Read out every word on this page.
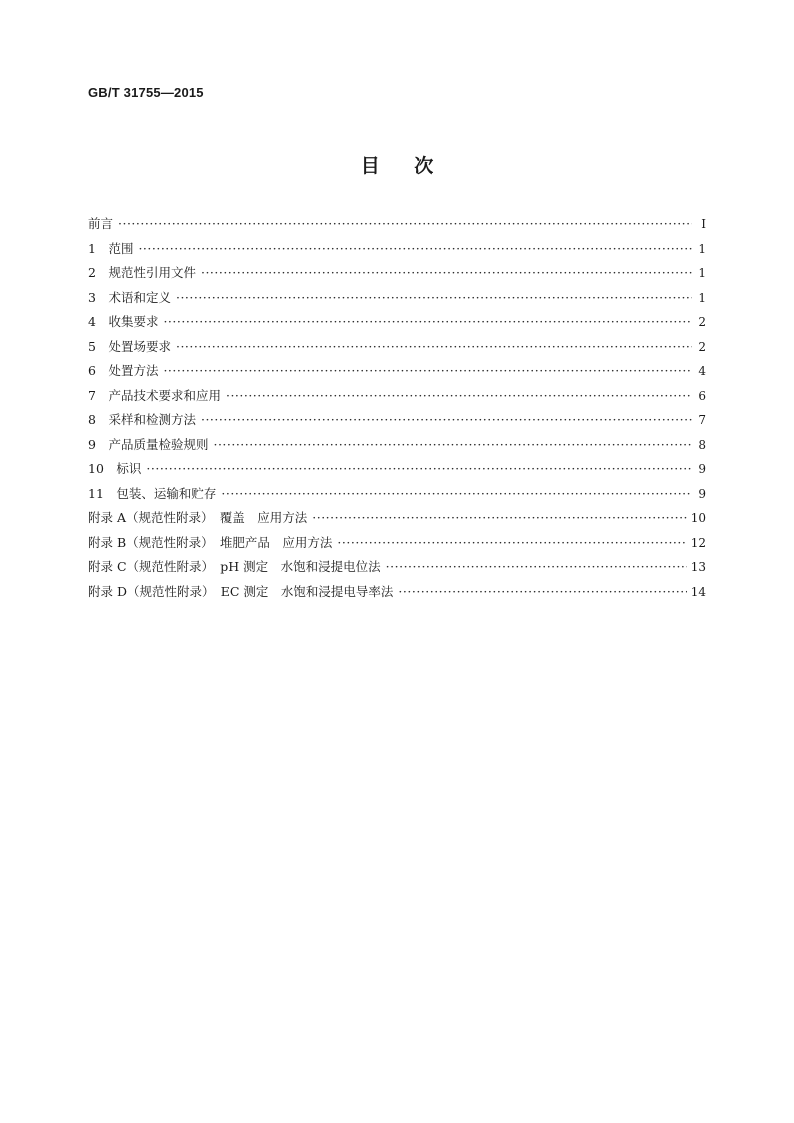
GB/T 31755—2015
目 次
前言 ·····	Ⅰ
1　范围 ·····	1
2　规范性引用文件 ·····	1
3　术语和定义 ·····	1
4　收集要求 ·····	2
5　处置场要求 ·····	2
6　处置方法 ·····	4
7　产品技术要求和应用 ·····	6
8　采样和检测方法 ·····	7
9　产品质量检验规则 ·····	8
10　标识 ·····	9
11　包装、运输和贮存 ·····	9
附录 A（规范性附录）　覆盖　应用方法 ·····	10
附录 B（规范性附录）　堆肥产品　应用方法 ·····	12
附录 C（规范性附录）　pH 测定　水饱和浸提电位法 ·····	13
附录 D（规范性附录）　EC 测定　水饱和浸提电导率法 ·····	14
